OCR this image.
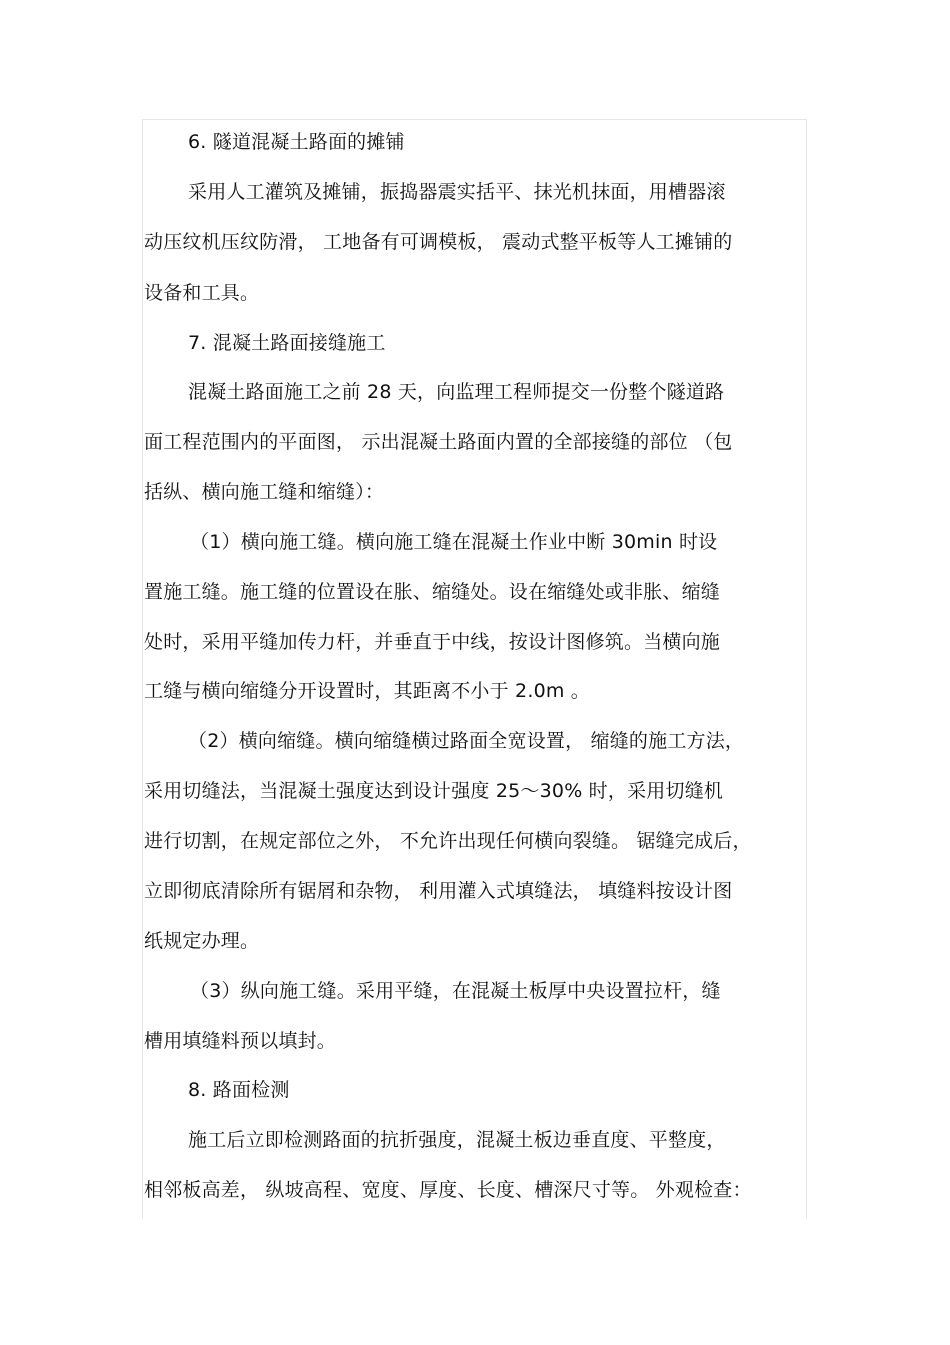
6. 隧道混凝土路面的摊铺
采用人工灌筑及摊铺，振捣器震实括平、抹光机抹面，用槽器滚
动压纹机压纹防滑， 工地备有可调模板， 震动式整平板等人工摊铺的
设备和工具。
7. 混凝土路面接缝施工
混凝土路面施工之前 28 天，向监理工程师提交一份整个隧道路
面工程范围内的平面图， 示出混凝土路面内置的全部接缝的部位 （包
括纵、横向施工缝和缩缝）：
（1）横向施工缝。横向施工缝在混凝土作业中断 30min 时设
置施工缝。施工缝的位置设在胀、缩缝处。设在缩缝处或非胀、缩缝
处时，采用平缝加传力杆，并垂直于中线，按设计图修筑。当横向施
工缝与横向缩缝分开设置时，其距离不小于 2.0m 。
（2）横向缩缝。横向缩缝横过路面全宽设置， 缩缝的施工方法，
采用切缝法，当混凝土强度达到设计强度 25～30% 时，采用切缝机
进行切割，在规定部位之外， 不允许出现任何横向裂缝。 锯缝完成后，
立即彻底清除所有锯屑和杂物， 利用灌入式填缝法， 填缝料按设计图
纸规定办理。
（3）纵向施工缝。采用平缝，在混凝土板厚中央设置拉杆，缝
槽用填缝料预以填封。
8. 路面检测
施工后立即检测路面的抗折强度，混凝土板边垂直度、平整度，
相邻板高差， 纵坡高程、宽度、厚度、长度、槽深尺寸等。 外观检查：
